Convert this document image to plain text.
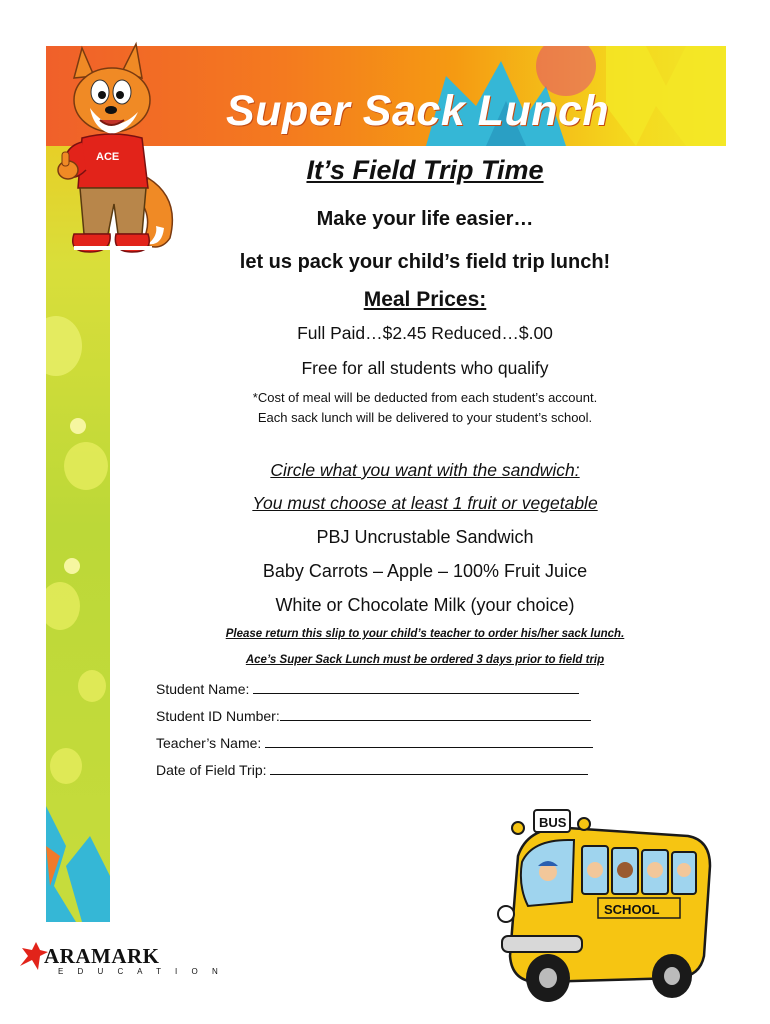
Super Sack Lunch
ACE	It’s Field Trip Time
Make your life easier…
let us pack your child’s field trip lunch!
Meal Prices:
Full Paid…$2.45 Reduced…$.00
Free for all students who qualify
*Cost of meal will be deducted from each student’s account.
Each sack lunch will be delivered to your student’s school.
Circle what you want with the sandwich:
You must choose at least 1 fruit or vegetable
PBJ Uncrustable Sandwich
Baby Carrots – Apple – 100% Fruit Juice
White or Chocolate Milk (your choice)
Please return this slip to your child’s teacher to order his/her sack lunch.
Ace’s Super Sack Lunch must be ordered 3 days prior to field trip
Student Name:
Student ID Number:
Teacher’s Name:
Date of Field Trip:
BUS
SCHOOL
ARAMARK
E D U C A T I O N
